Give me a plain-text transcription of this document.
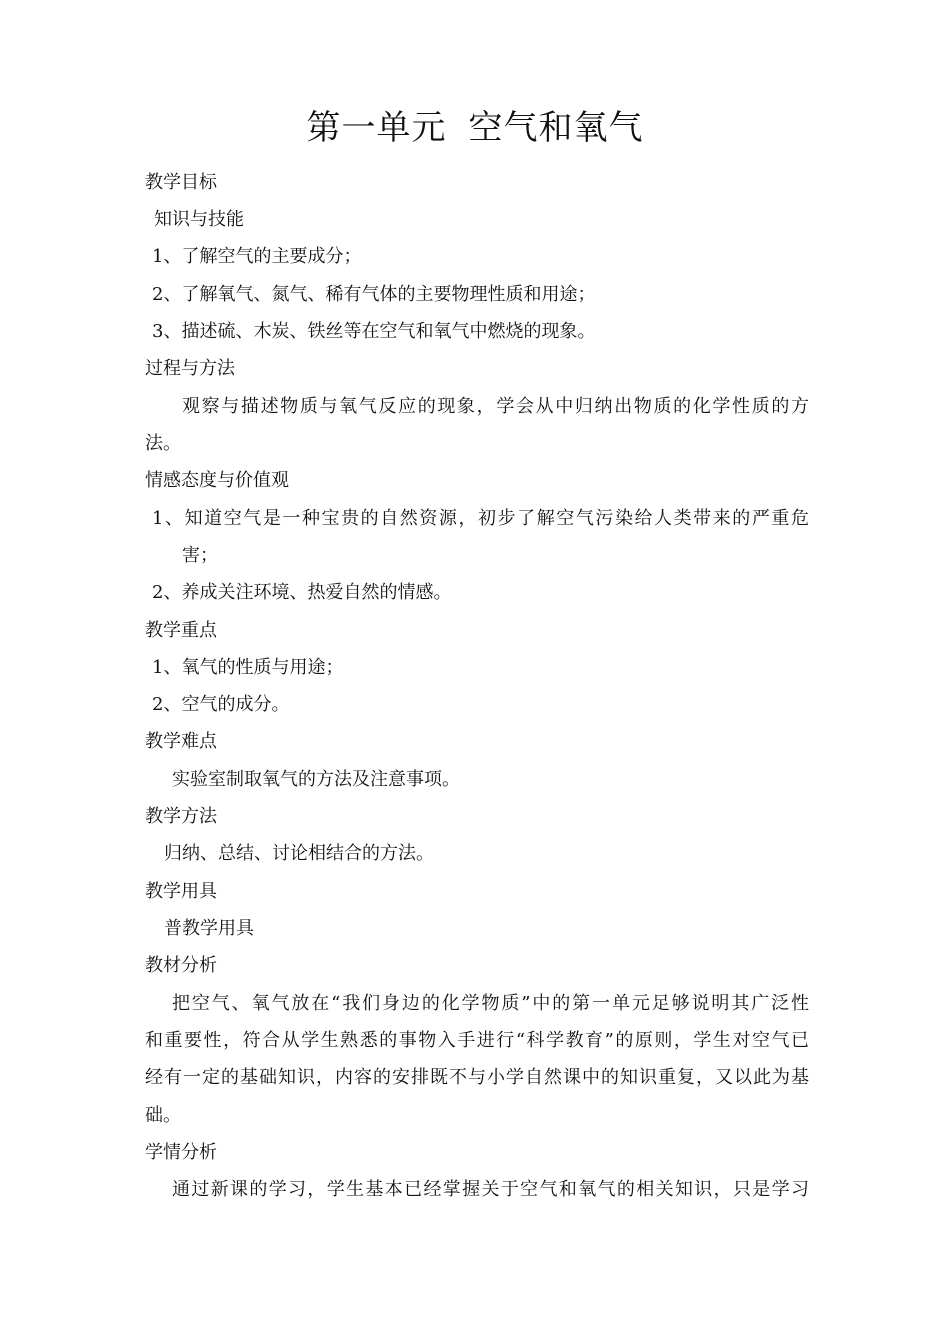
第一单元 空气和氧气
教学目标
知识与技能
1、了解空气的主要成分；
2、了解氧气、氮气、稀有气体的主要物理性质和用途；
3、描述硫、木炭、铁丝等在空气和氧气中燃烧的现象。
过程与方法
观察与描述物质与氧气反应的现象，学会从中归纳出物质的化学性质的方
法。
情感态度与价值观
1、知道空气是一种宝贵的自然资源，初步了解空气污染给人类带来的严重危
害；
2、养成关注环境、热爱自然的情感。
教学重点
1、氧气的性质与用途；
2、空气的成分。
教学难点
实验室制取氧气的方法及注意事项。
教学方法
归纳、总结、讨论相结合的方法。
教学用具
普教学用具
教材分析
把空气、氧气放在“我们身边的化学物质”中的第一单元足够说明其广泛性
和重要性，符合从学生熟悉的事物入手进行“科学教育”的原则，学生对空气已
经有一定的基础知识，内容的安排既不与小学自然课中的知识重复，又以此为基
础。
学情分析
通过新课的学习，学生基本已经掌握关于空气和氧气的相关知识，只是学习
